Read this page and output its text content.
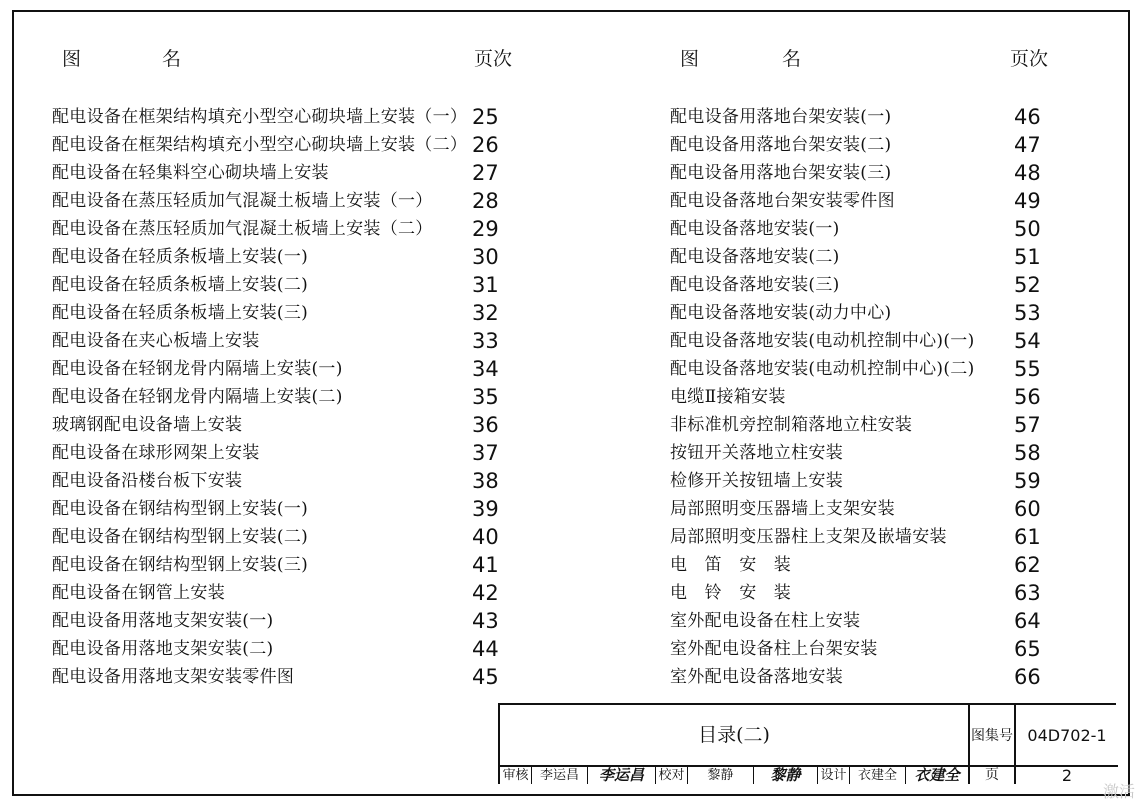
图	名	页次
配电设备在框架结构填充小型空心砌块墙上安装（一） 25
配电设备在框架结构填充小型空心砌块墙上安装（二） 26
配电设备在轻集料空心砌块墙上安装	27
配电设备在蒸压轻质加气混凝土板墙上安装（一） 28
配电设备在蒸压轻质加气混凝土板墙上安装（二） 29
配电设备在轻质条板墙上安装(一)	30
配电设备在轻质条板墙上安装(二)	31
配电设备在轻质条板墙上安装(三)	32
配电设备在夹心板墙上安装	33
配电设备在轻钢龙骨内隔墙上安装(一)	34
配电设备在轻钢龙骨内隔墙上安装(二)	35
玻璃钢配电设备墙上安装	36
配电设备在球形网架上安装	37
配电设备沿楼台板下安装	38
配电设备在钢结构型钢上安装(一)	39
配电设备在钢结构型钢上安装(二)	40
配电设备在钢结构型钢上安装(三)	41
配电设备在钢管上安装	42
配电设备用落地支架安装(一)	43
配电设备用落地支架安装(二)	44
配电设备用落地支架安装零件图	45
图	名	页次
配电设备用落地台架安装(一)	46
配电设备用落地台架安装(二)	47
配电设备用落地台架安装(三)	48
配电设备落地台架安装零件图	49
配电设备落地安装(一)	50
配电设备落地安装(二)	51
配电设备落地安装(三)	52
配电设备落地安装(动力中心)	53
配电设备落地安装(电动机控制中心)(一) 54
配电设备落地安装(电动机控制中心)(二) 55
电缆Ⅱ接箱安装	56
非标准机旁控制箱落地立柱安装	57
按钮开关落地立柱安装	58
检修开关按钮墙上安装	59
局部照明变压器墙上支架安装	60
局部照明变压器柱上支架及嵌墙安装	61
电　笛　安　装	62
电　铃　安　装	63
室外配电设备在柱上安装	64
室外配电设备柱上台架安装	65
室外配电设备落地安装	66
目录(二)	图集号 04D702-1
页	2
审核 李运昌	李运昌	校对	黎静	黎静	设计 衣建全	衣建全
激活
